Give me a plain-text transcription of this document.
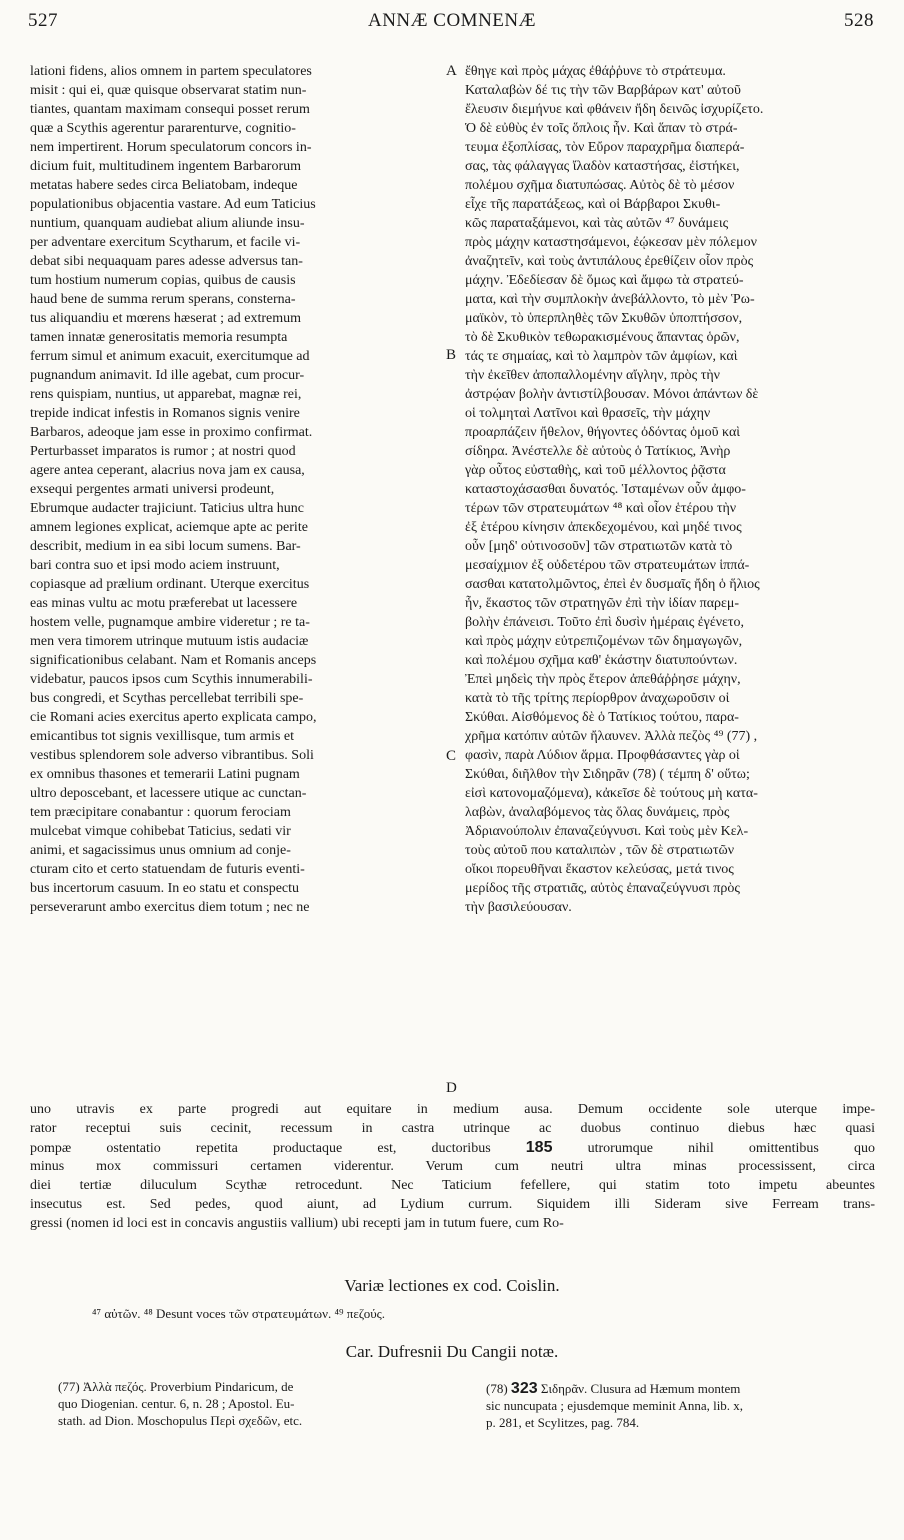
527	ANNÆ COMNENÆ	528
lationi fidens, alios omnem in partem speculatores
misit : qui ei, quæ quisque observarat statim nun-
tiantes, quantam maximam consequi posset rerum
quæ a Scythis agerentur pararenturve, cognitio-
nem impertirent. Horum speculatorum concors in-
dicium fuit, multitudinem ingentem Barbarorum
metatas habere sedes circa Beliatobam, indeque
populationibus objacentia vastare. Ad eum Taticius
nuntium, quanquam audiebat alium aliunde insu-
per adventare exercitum Scytharum, et facile vi-
debat sibi nequaquam pares adesse adversus tan-
tum hostium numerum copias, quibus de causis
haud bene de summa rerum sperans, consterna-
tus aliquandiu et mœrens hæserat ; ad extremum
tamen innatæ generositatis memoria resumpta
ferrum simul et animum exacuit, exercitumque ad
pugnandum animavit. Id ille agebat, cum procur-
rens quispiam, nuntius, ut apparebat, magnæ rei,
trepide indicat infestis in Romanos signis venire
Barbaros, adeoque jam esse in proximo confirmat.
Perturbasset imparatos is rumor ; at nostri quod
agere antea ceperant, alacrius nova jam ex causa,
exsequi pergentes armati universi prodeunt,
Ebrumque audacter trajiciunt. Taticius ultra hunc
amnem legiones explicat, aciemque apte ac perite
describit, medium in ea sibi locum sumens. Bar-
bari contra suo et ipsi modo aciem instruunt,
copiasque ad prælium ordinant. Uterque exercitus
eas minas vultu ac motu præferebat ut lacessere
hostem velle, pugnamque ambire videretur ; re ta-
men vera timorem utrinque mutuum istis audaciæ
significationibus celabant. Nam et Romanis anceps
videbatur, paucos ipsos cum Scythis innumerabili-
bus congredi, et Scythas percellebat terribili spe-
cie Romani acies exercitus aperto explicata campo,
emicantibus tot signis vexillisque, tum armis et
vestibus splendorem sole adverso vibrantibus. Soli
ex omnibus thasones et temerarii Latini pugnam
ultro deposcebant, et lacessere utique ac cunctan-
tem præcipitare conabantur : quorum ferociam
mulcebat vimque cohibebat Taticius, sedati vir
animi, et sagacissimus unus omnium ad conje-
cturam cito et certo statuendam de futuris eventi-
bus incertorum casuum. In eo statu et conspectu
perseverarunt ambo exercitus diem totum ; nec ne
ἔθηγε καὶ πρὸς μάχας ἐθάῤῥυνε τὸ στράτευμα.
Καταλαβὼν δέ τις τὴν τῶν Βαρβάρων κατ' αὐτοῦ
ἔλευσιν διεμήνυε καὶ φθάνειν ἤδη δεινῶς ἰσχυρίζετο.
Ὁ δὲ εὐθὺς ἐν τοῖς ὅπλοις ἦν. Καὶ ἅπαν τὸ στρά-
τευμα ἐξοπλίσας, τὸν Εὔρον παραχρῆμα διαπερά-
σας, τὰς φάλαγγας ἴλαδὸν καταστήσας, ἐἱστήκει,
πολέμου σχῆμα διατυπώσας. Αὐτὸς δὲ τὸ μέσον
εἶχε τῆς παρατάξεως, καὶ οἱ Βάρβαροι Σκυθι-
κῶς παραταξάμενοι, καὶ τὰς αὐτῶν ⁴⁷ δυνάμεις
πρὸς μάχην καταστησάμενοι, ἐῴκεσαν μὲν πόλεμον
ἀναζητεῖν, καὶ τοὺς ἀντιπάλους ἐρεθίζειν οἷον πρὸς
μάχην. Ἐδεδίεσαν δὲ ὅμως καὶ ἄμφω τὰ στρατεύ-
ματα, καὶ τὴν συμπλοκὴν ἀνεβάλλοντο, τὸ μὲν Ῥω-
μαϊκὸν, τὸ ὑπερπληθὲς τῶν Σκυθῶν ὑποπτήσσον,
τὸ δὲ Σκυθικὸν τεθωρακισμένους ἅπαντας ὁρῶν,
τάς τε σημαίας, καὶ τὸ λαμπρὸν τῶν ἀμφίων, καὶ
τὴν ἐκεῖθεν ἀποπαλλομένην αἴγλην, πρὸς τὴν
ἀστρῴαν βολὴν ἀντιστίλβουσαν. Μόνοι ἁπάντων δὲ
οἱ τολμηταὶ Λατῖνοι καὶ θρασεῖς, τὴν μάχην
προαρπάζειν ἤθελον, θήγοντες ὀδόντας ὁμοῦ καὶ
σίδηρα. Ἀνέστελλε δὲ αὐτοὺς ὁ Τατίκιος, Ἀνὴρ
γὰρ οὗτος εὐσταθὴς, καὶ τοῦ μέλλοντος ῥᾷστα
καταστοχάσασθαι δυνατός. Ἱσταμένων οὖν ἀμφο-
τέρων τῶν στρατευμάτων ⁴⁸ καὶ οἷον ἑτέρου τὴν
ἐξ ἑτέρου κίνησιν ἀπεκδεχομένου, καὶ μηδέ τινος
οὖν [μηδ' οὐτινοσοῦν] τῶν στρατιωτῶν κατὰ τὸ
μεσαίχμιον ἐξ οὐδετέρου τῶν στρατευμάτων ἱππά-
σασθαι κατατολμῶντος, ἐπεὶ ἐν δυσμαῖς ἤδη ὁ ἥλιος
ἦν, ἕκαστος τῶν στρατηγῶν ἐπὶ τὴν ἰδίαν παρεμ-
βολὴν ἐπάνεισι. Τοῦτο ἐπὶ δυσὶν ἡμέραις ἐγένετο,
καὶ πρὸς μάχην εὐτρεπιζομένων τῶν δημαγωγῶν,
καὶ πολέμου σχῆμα καθ' ἑκάστην διατυπούντων.
Ἐπεὶ μηδεὶς τὴν πρὸς ἕτερον ἀπεθάῤῥησε μάχην,
κατὰ τὸ τῆς τρίτης περίορθρον ἀναχωροῦσιν οἱ
Σκύθαι. Αἰσθόμενος δὲ ὁ Τατίκιος τούτου, παρα-
χρῆμα κατόπιν αὐτῶν ἤλαυνεν. Ἀλλὰ πεζὸς ⁴⁹ (77) ,
φασὶν, παρὰ Λύδιον ἅρμα. Προφθάσαντες γὰρ οἱ
Σκύθαι, διῆλθον τὴν Σιδηρᾶν (78) ( τέμπη δ' οὕτω;
εἰσὶ κατονομαζόμενα), κἀκεῖσε δὲ τούτους μὴ κατα-
λαβὼν, ἀναλαβόμενος τὰς ὅλας δυνάμεις, πρὸς
Ἀδριανούπολιν ἐπαναζεύγνυσι. Καὶ τοὺς μὲν Κελ-
τοὺς αὐτοῦ που καταλιπὼν , τῶν δὲ στρατιωτῶν
οἴκοι πορευθῆναι ἕκαστον κελεύσας, μετά τινος
μερίδος τῆς στρατιᾶς, αὐτὸς ἐπαναζεύγνυσι πρὸς
τὴν βασιλεύουσαν.
A
B
C
D
uno utravis ex parte progredi aut equitare in medium ausa. Demum occidente sole uterque impe-
rator receptui suis cecinit, recessum in castra utrinque ac duobus continuo diebus hæc quasi
pompæ ostentatio repetita productaque est, ductoribus 185	utrorumque nihil omittentibus quo
minus mox commissuri certamen viderentur. Verum cum neutri ultra minas processissent, circa
diei tertiæ diluculum Scythæ retrocedunt. Nec Taticium fefellere, qui statim toto impetu abeuntes
insecutus est. Sed pedes, quod aiunt, ad Lydium currum. Siquidem illi Sideram sive Ferream trans-
gressi (nomen id loci est in concavis angustiis vallium) ubi recepti jam in tutum fuere, cum Ro-
Variæ lectiones ex cod. Coislin.
⁴⁷ αὐτῶν. ⁴⁸ Desunt voces τῶν στρατευμάτων. ⁴⁹ πεζούς.
Car. Dufresnii Du Cangii notæ.
(77) Ἀλλὰ πεζός. Proverbium Pindaricum, de
quo Diogenian. centur. 6, n. 28 ; Apostol. Eu-
stath. ad Dion. Moschopulus Περὶ σχεδῶν, etc.
(78) 323 Σιδηρᾶν. Clusura ad Hæmum montem
sic nuncupata ; ejusdemque meminit Anna, lib. x,
p. 281, et Scylitzes, pag. 784.
